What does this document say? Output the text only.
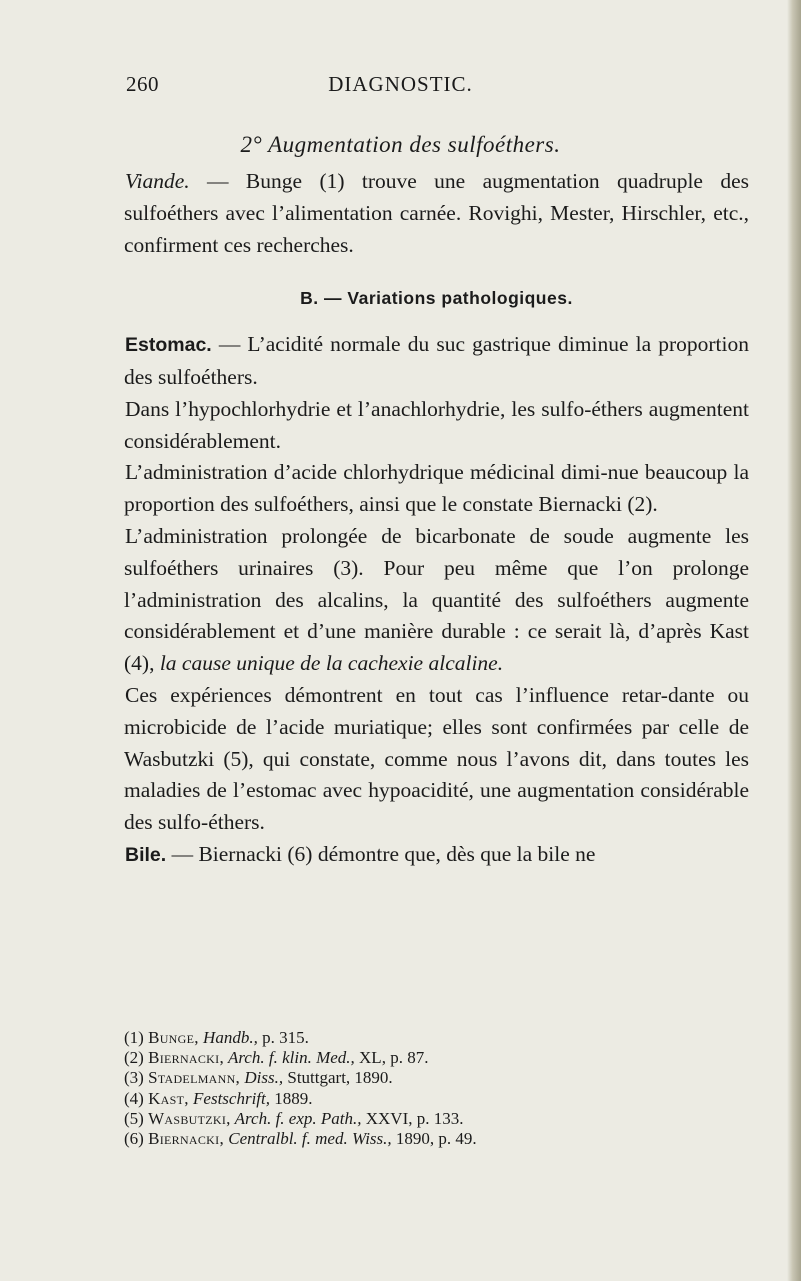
260	DIAGNOSTIC.
2° Augmentation des sulfoéthers.

Viande. — Bunge (1) trouve une augmentation quadruple des sulfoéthers avec l’alimentation carnée. Rovighi, Mester, Hirschler, etc., confirment ces recherches.

B. — Variations pathologiques.

Estomac. — L’acidité normale du suc gastrique diminue la proportion des sulfoéthers.

Dans l’hypochlorhydrie et l’anachlorhydrie, les sulfo-éthers augmentent considérablement.

L’administration d’acide chlorhydrique médicinal dimi-nue beaucoup la proportion des sulfoéthers, ainsi que le constate Biernacki (2).

L’administration prolongée de bicarbonate de soude augmente les sulfoéthers urinaires (3). Pour peu même que l’on prolonge l’administration des alcalins, la quantité des sulfoéthers augmente considérablement et d’une manière durable : ce serait là, d’après Kast (4), la cause unique de la cachexie alcaline.

Ces expériences démontrent en tout cas l’influence retar-dante ou microbicide de l’acide muriatique; elles sont confirmées par celle de Wasbutzki (5), qui constate, comme nous l’avons dit, dans toutes les maladies de l’estomac avec hypoacidité, une augmentation considérable des sulfo-éthers.

Bile. — Biernacki (6) démontre que, dès que la bile ne

(1) Bunge, Handb., p. 315.

(2) Biernacki, Arch. f. klin. Med., XL, p. 87.

(3) Stadelmann, Diss., Stuttgart, 1890.

(4) Kast, Festschrift, 1889.

(5) Wasbutzki, Arch. f. exp. Path., XXVI, p. 133.

(6) Biernacki, Centralbl. f. med. Wiss., 1890, p. 49.
